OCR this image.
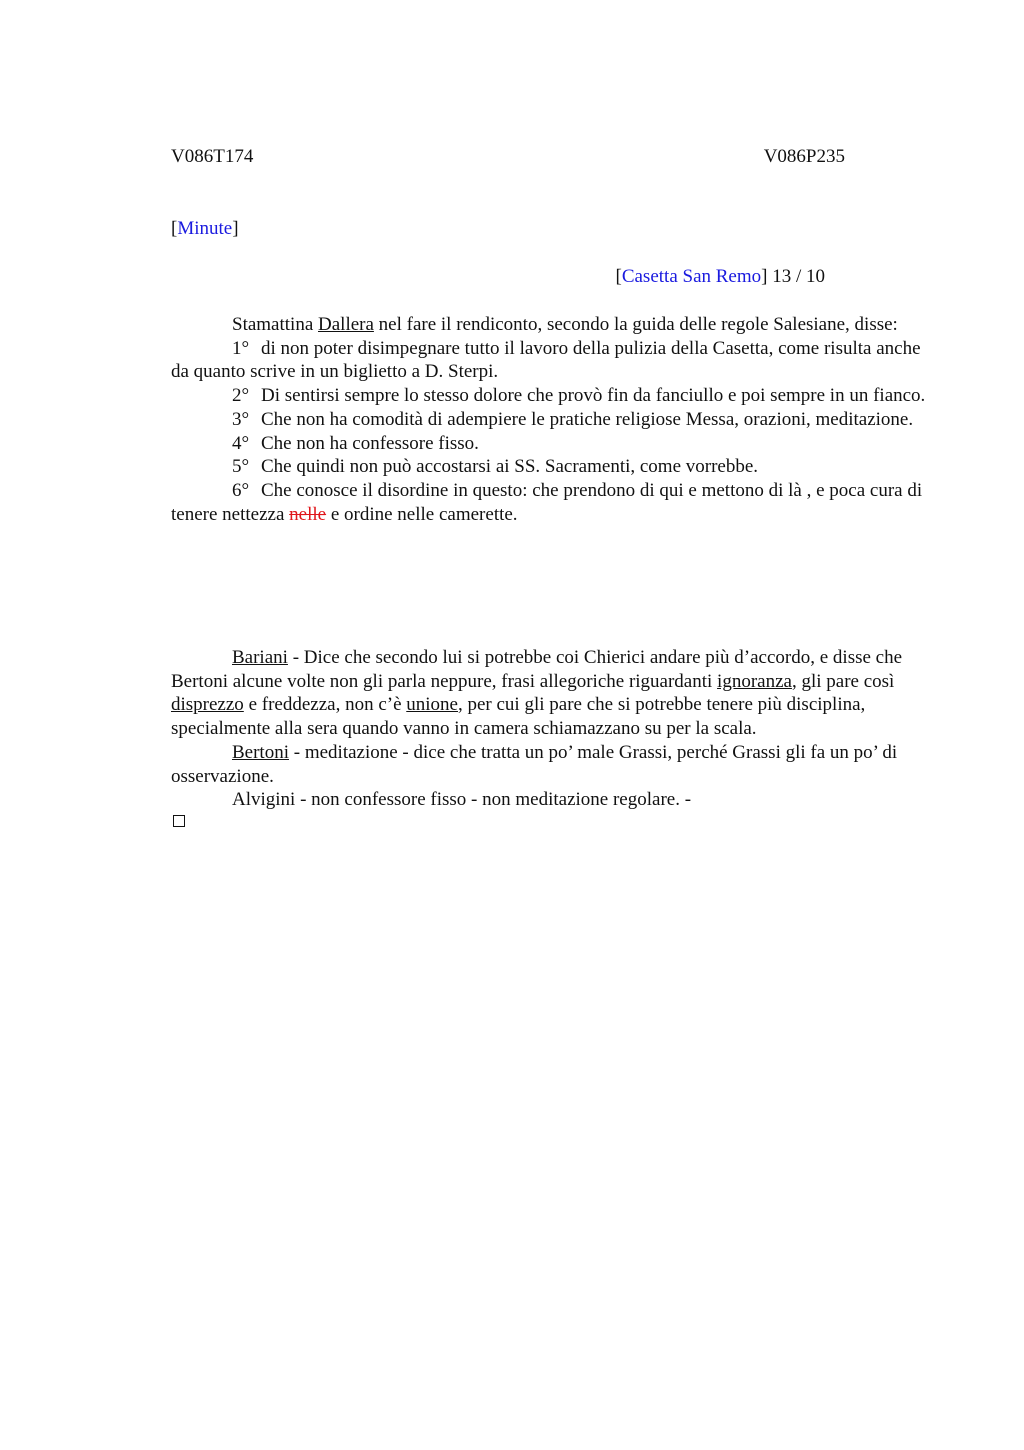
V086T174	V086P235
[Minute]
[Casetta San Remo] 13 / 10

Stamattina Dallera nel fare il rendiconto, secondo la guida delle regole Salesiane, disse:

1° di non poter disimpegnare tutto il lavoro della pulizia della Casetta, come risulta anche da quanto scrive in un biglietto a D. Sterpi.

2° Di sentirsi sempre lo stesso dolore che provò fin da fanciullo e poi sempre in un fianco.

3° Che non ha comodità di adempiere le pratiche religiose Messa, orazioni, meditazione.

4° Che non ha confessore fisso.

5° Che quindi non può accostarsi ai SS. Sacramenti, come vorrebbe.

6° Che conosce il disordine in questo: che prendono di qui e mettono di là , e poca cura di tenere nettezza nelle e ordine nelle camerette.

Bariani - Dice che secondo lui si potrebbe coi Chierici andare più d’accordo, e disse che Bertoni alcune volte non gli parla neppure, frasi allegoriche riguardanti ignoranza, gli pare così disprezzo e freddezza, non c’è unione, per cui gli pare che si potrebbe tenere più disciplina, specialmente alla sera quando vanno in camera schiamazzano su per la scala.

Bertoni - meditazione - dice che tratta un po’ male Grassi, perché Grassi gli fa un po’ di osservazione.

Alvigini - non confessore fisso - non meditazione regolare. -
